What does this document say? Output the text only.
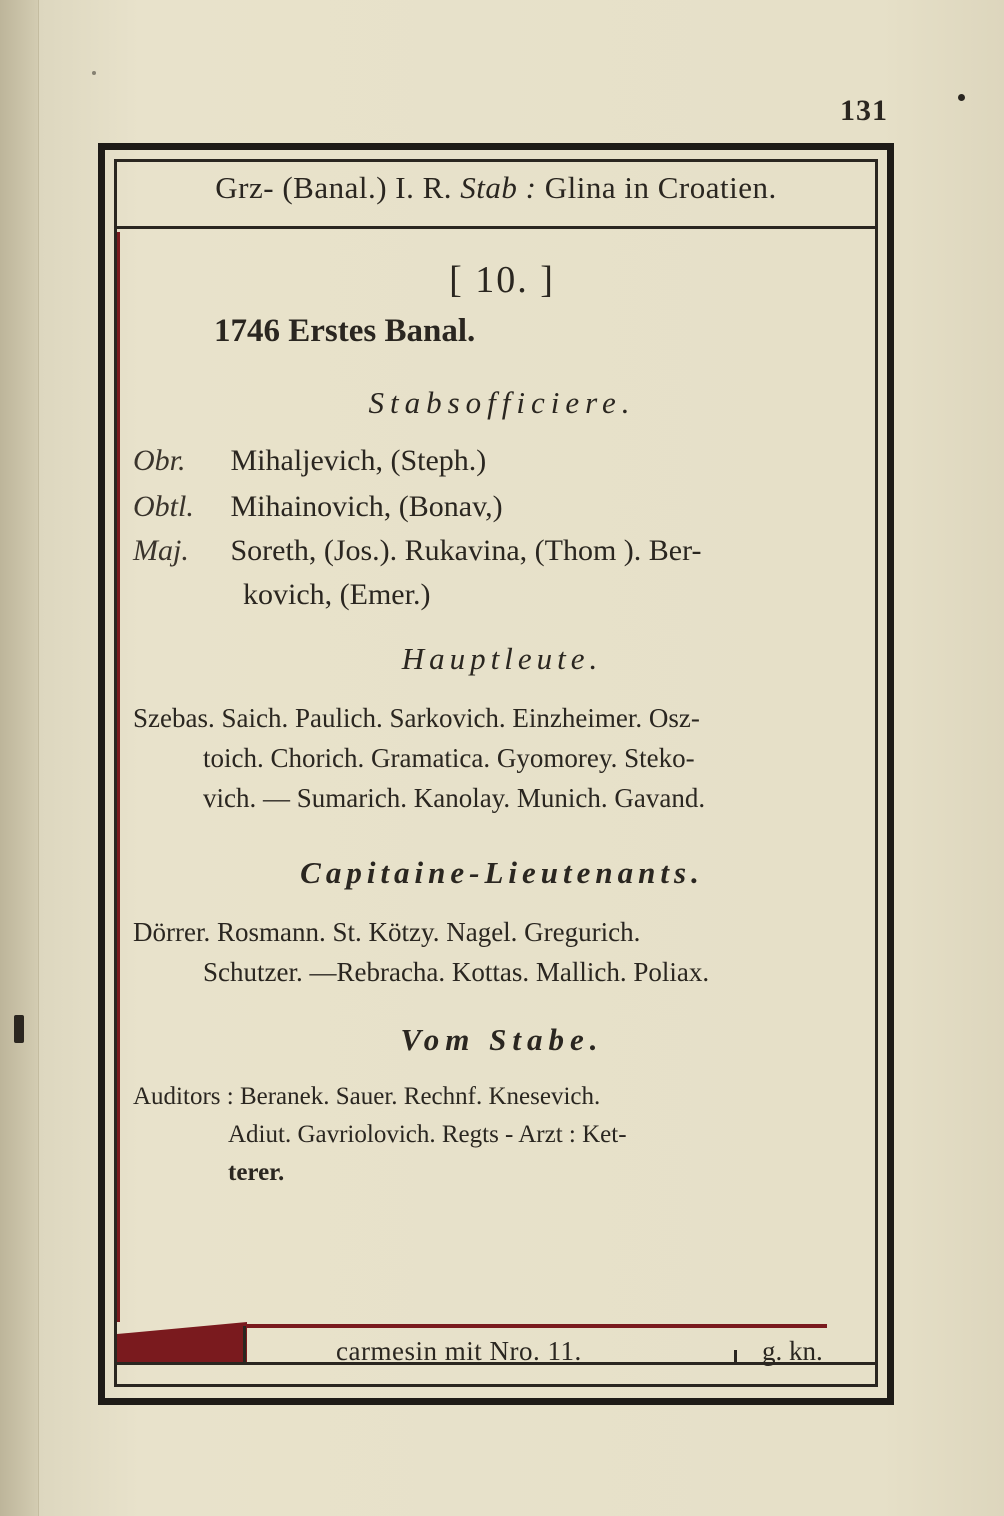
131
Grz- (Banal.) I. R. Stab : Glina in Croatien.
[ 10. ]
1746 Erstes Banal.
Stabsofficiere.
Obr. Mihaljevich, (Steph.)
Obtl. Mihainovich, (Bonav,)
Maj. Soreth, (Jos.). Rukavina, (Thom ). Ber-
kovich, (Emer.)
Hauptleute.
Szebas. Saich. Paulich. Sarkovich. Einzheimer. Osz-
toich. Chorich. Gramatica. Gyomorey. Steko-
vich. — Sumarich. Kanolay. Munich. Gavand.
Capitaine-Lieutenants.
Dörrer. Rosmann. St. Kötzy. Nagel. Gregurich.
Schutzer. —Rebracha. Kottas. Mallich. Poliax.
Vom Stabe.
Auditors : Beranek. Sauer. Rechnf. Knesevich.
Adiut. Gavriolovich. Regts - Arzt : Ket-
terer.
carmesin mit Nro. 11.	g. kn.
